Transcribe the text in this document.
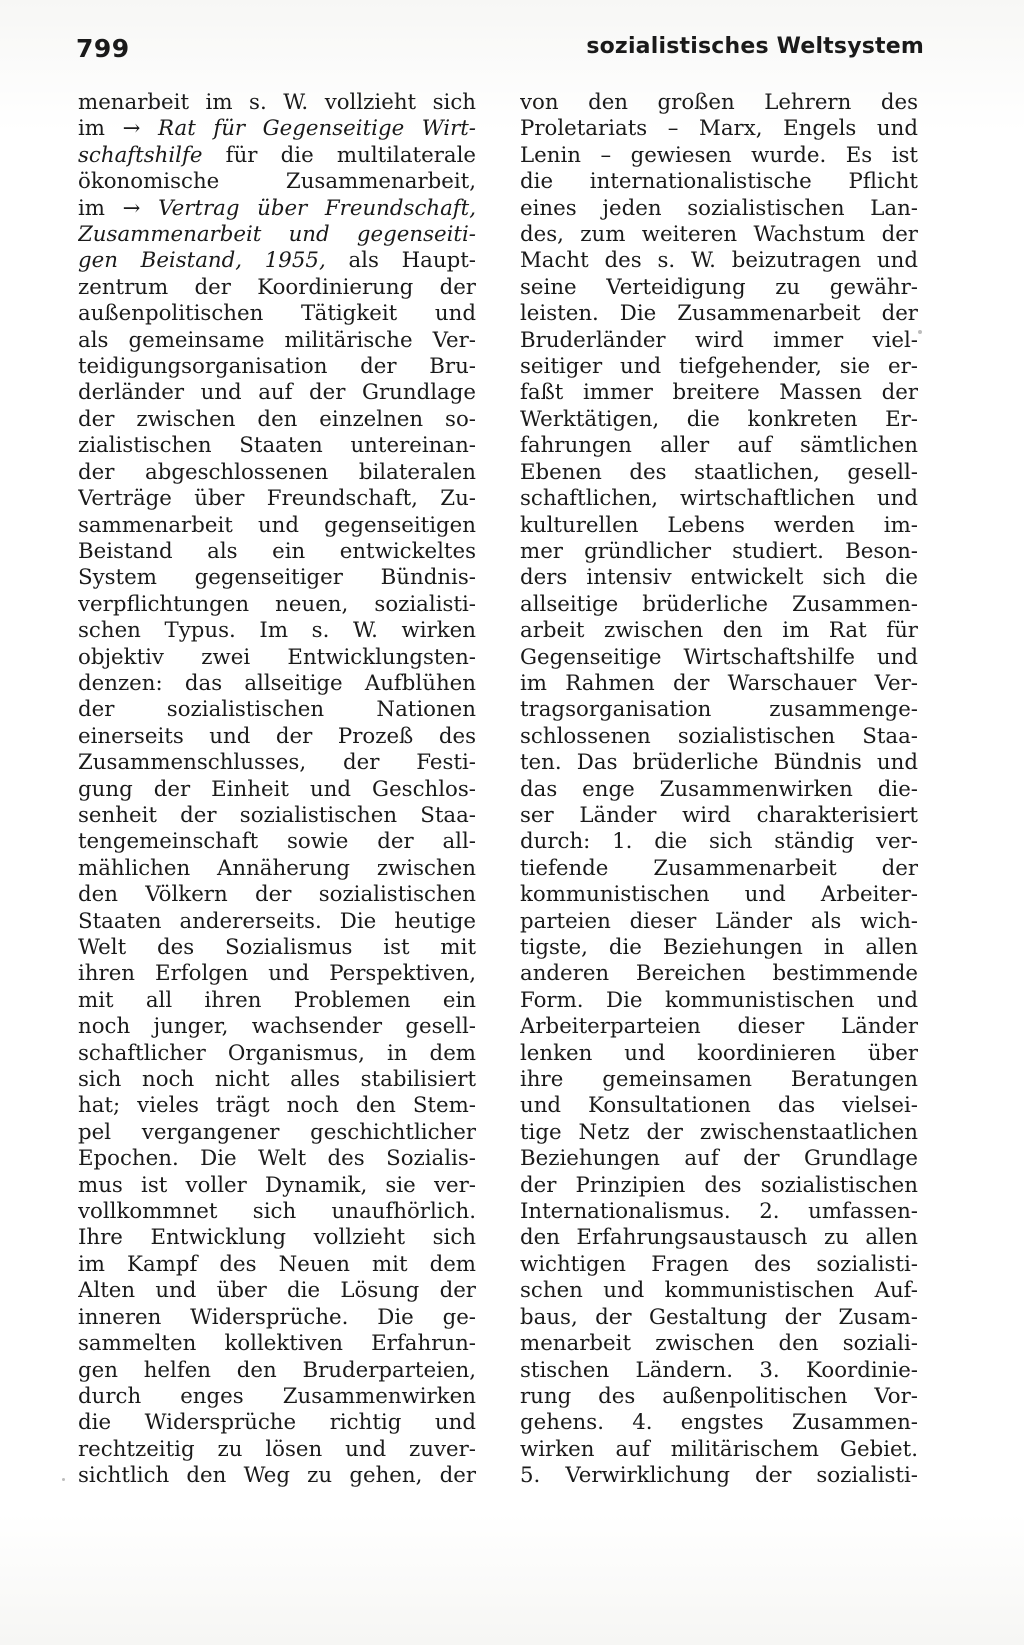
799	sozialistisches Weltsystem
menarbeit im s. W. vollzieht sich
im → Rat für Gegenseitige Wirt-
schaftshilfe für die multilaterale
ökonomische Zusammenarbeit,
im → Vertrag über Freundschaft,
Zusammenarbeit und gegenseiti-
gen Beistand, 1955, als Haupt-
zentrum der Koordinierung der
außenpolitischen Tätigkeit und
als gemeinsame militärische Ver-
teidigungsorganisation der Bru-
derländer und auf der Grundlage
der zwischen den einzelnen so-
zialistischen Staaten untereinan-
der abgeschlossenen bilateralen
Verträge über Freundschaft, Zu-
sammenarbeit und gegenseitigen
Beistand als ein entwickeltes
System gegenseitiger Bündnis-
verpflichtungen neuen, sozialisti-
schen Typus. Im s. W. wirken
objektiv zwei Entwicklungsten-
denzen: das allseitige Aufblühen
der sozialistischen Nationen
einerseits und der Prozeß des
Zusammenschlusses, der Festi-
gung der Einheit und Geschlos-
senheit der sozialistischen Staa-
tengemeinschaft sowie der all-
mählichen Annäherung zwischen
den Völkern der sozialistischen
Staaten andererseits. Die heutige
Welt des Sozialismus ist mit
ihren Erfolgen und Perspektiven,
mit all ihren Problemen ein
noch junger, wachsender gesell-
schaftlicher Organismus, in dem
sich noch nicht alles stabilisiert
hat; vieles trägt noch den Stem-
pel vergangener geschichtlicher
Epochen. Die Welt des Sozialis-
mus ist voller Dynamik, sie ver-
vollkommnet sich unaufhörlich.
Ihre Entwicklung vollzieht sich
im Kampf des Neuen mit dem
Alten und über die Lösung der
inneren Widersprüche. Die ge-
sammelten kollektiven Erfahrun-
gen helfen den Bruderparteien,
durch enges Zusammenwirken
die Widersprüche richtig und
rechtzeitig zu lösen und zuver-
sichtlich den Weg zu gehen, der
von den großen Lehrern des
Proletariats – Marx, Engels und
Lenin – gewiesen wurde. Es ist
die internationalistische Pflicht
eines jeden sozialistischen Lan-
des, zum weiteren Wachstum der
Macht des s. W. beizutragen und
seine Verteidigung zu gewähr-
leisten. Die Zusammenarbeit der
Bruderländer wird immer viel-
seitiger und tiefgehender, sie er-
faßt immer breitere Massen der
Werktätigen, die konkreten Er-
fahrungen aller auf sämtlichen
Ebenen des staatlichen, gesell-
schaftlichen, wirtschaftlichen und
kulturellen Lebens werden im-
mer gründlicher studiert. Beson-
ders intensiv entwickelt sich die
allseitige brüderliche Zusammen-
arbeit zwischen den im Rat für
Gegenseitige Wirtschaftshilfe und
im Rahmen der Warschauer Ver-
tragsorganisation zusammenge-
schlossenen sozialistischen Staa-
ten. Das brüderliche Bündnis und
das enge Zusammenwirken die-
ser Länder wird charakterisiert
durch: 1. die sich ständig ver-
tiefende Zusammenarbeit der
kommunistischen und Arbeiter-
parteien dieser Länder als wich-
tigste, die Beziehungen in allen
anderen Bereichen bestimmende
Form. Die kommunistischen und
Arbeiterparteien dieser Länder
lenken und koordinieren über
ihre gemeinsamen Beratungen
und Konsultationen das vielsei-
tige Netz der zwischenstaatlichen
Beziehungen auf der Grundlage
der Prinzipien des sozialistischen
Internationalismus. 2. umfassen-
den Erfahrungsaustausch zu allen
wichtigen Fragen des sozialisti-
schen und kommunistischen Auf-
baus, der Gestaltung der Zusam-
menarbeit zwischen den soziali-
stischen Ländern. 3. Koordinie-
rung des außenpolitischen Vor-
gehens. 4. engstes Zusammen-
wirken auf militärischem Gebiet.
5. Verwirklichung der sozialisti-
